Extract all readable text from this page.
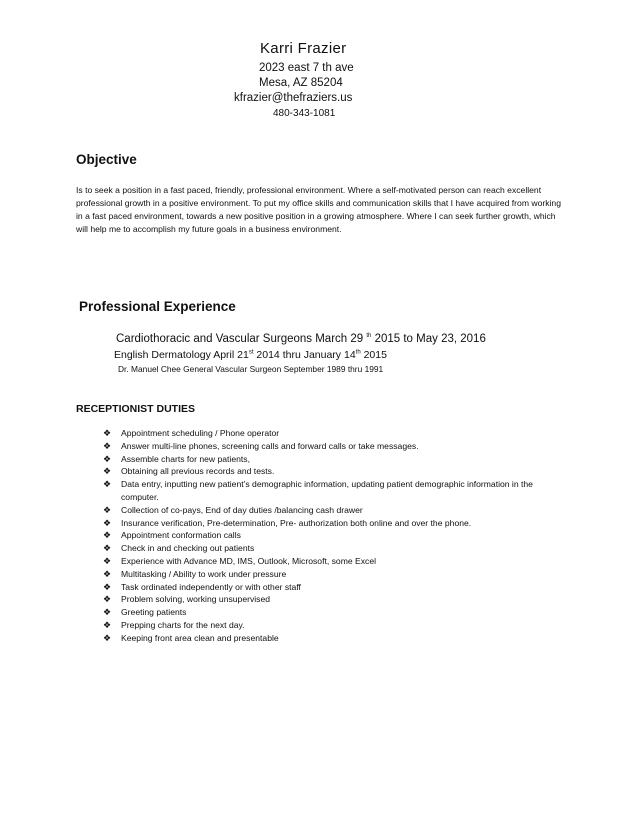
Karri Frazier
2023 east 7 th ave
Mesa, AZ 85204
kfrazier@thefraziers.us
480-343-1081
Objective
Is to seek a position in a fast paced, friendly, professional environment. Where a self-motivated person can reach excellent professional growth in a positive environment. To put my office skills and communication skills that I have acquired from working in a fast paced environment, towards a new positive position in a growing atmosphere. Where I can seek further growth, which will help me to accomplish my future goals in a business environment.
Professional Experience
Cardiothoracic and Vascular Surgeons March 29 $^{th}$ 2015 to May 23, 2016
English Dermatology April 21st 2014 thru January 14th 2015
Dr. Manuel Chee General Vascular Surgeon September 1989 thru 1991
RECEPTIONIST DUTIES
❖ Appointment scheduling / Phone operator
❖ Answer multi-line phones, screening calls and forward calls or take messages.
❖ Assemble charts for new patients,
❖ Obtaining all previous records and tests.
❖ Data entry, inputting new patient’s demographic information, updating patient demographic information in the computer.
❖ Collection of co-pays, End of day duties /balancing cash drawer
❖ Insurance verification, Pre-determination, Pre- authorization both online and over the phone.
❖ Appointment conformation calls
❖ Check in and checking out patients
❖ Experience with Advance MD, IMS, Outlook, Microsoft, some Excel
❖ Multitasking / Ability to work under pressure
❖ Task ordinated independently or with other staff
❖ Problem solving, working unsupervised
❖ Greeting patients
❖ Prepping charts for the next day.
❖ Keeping front area clean and presentable
